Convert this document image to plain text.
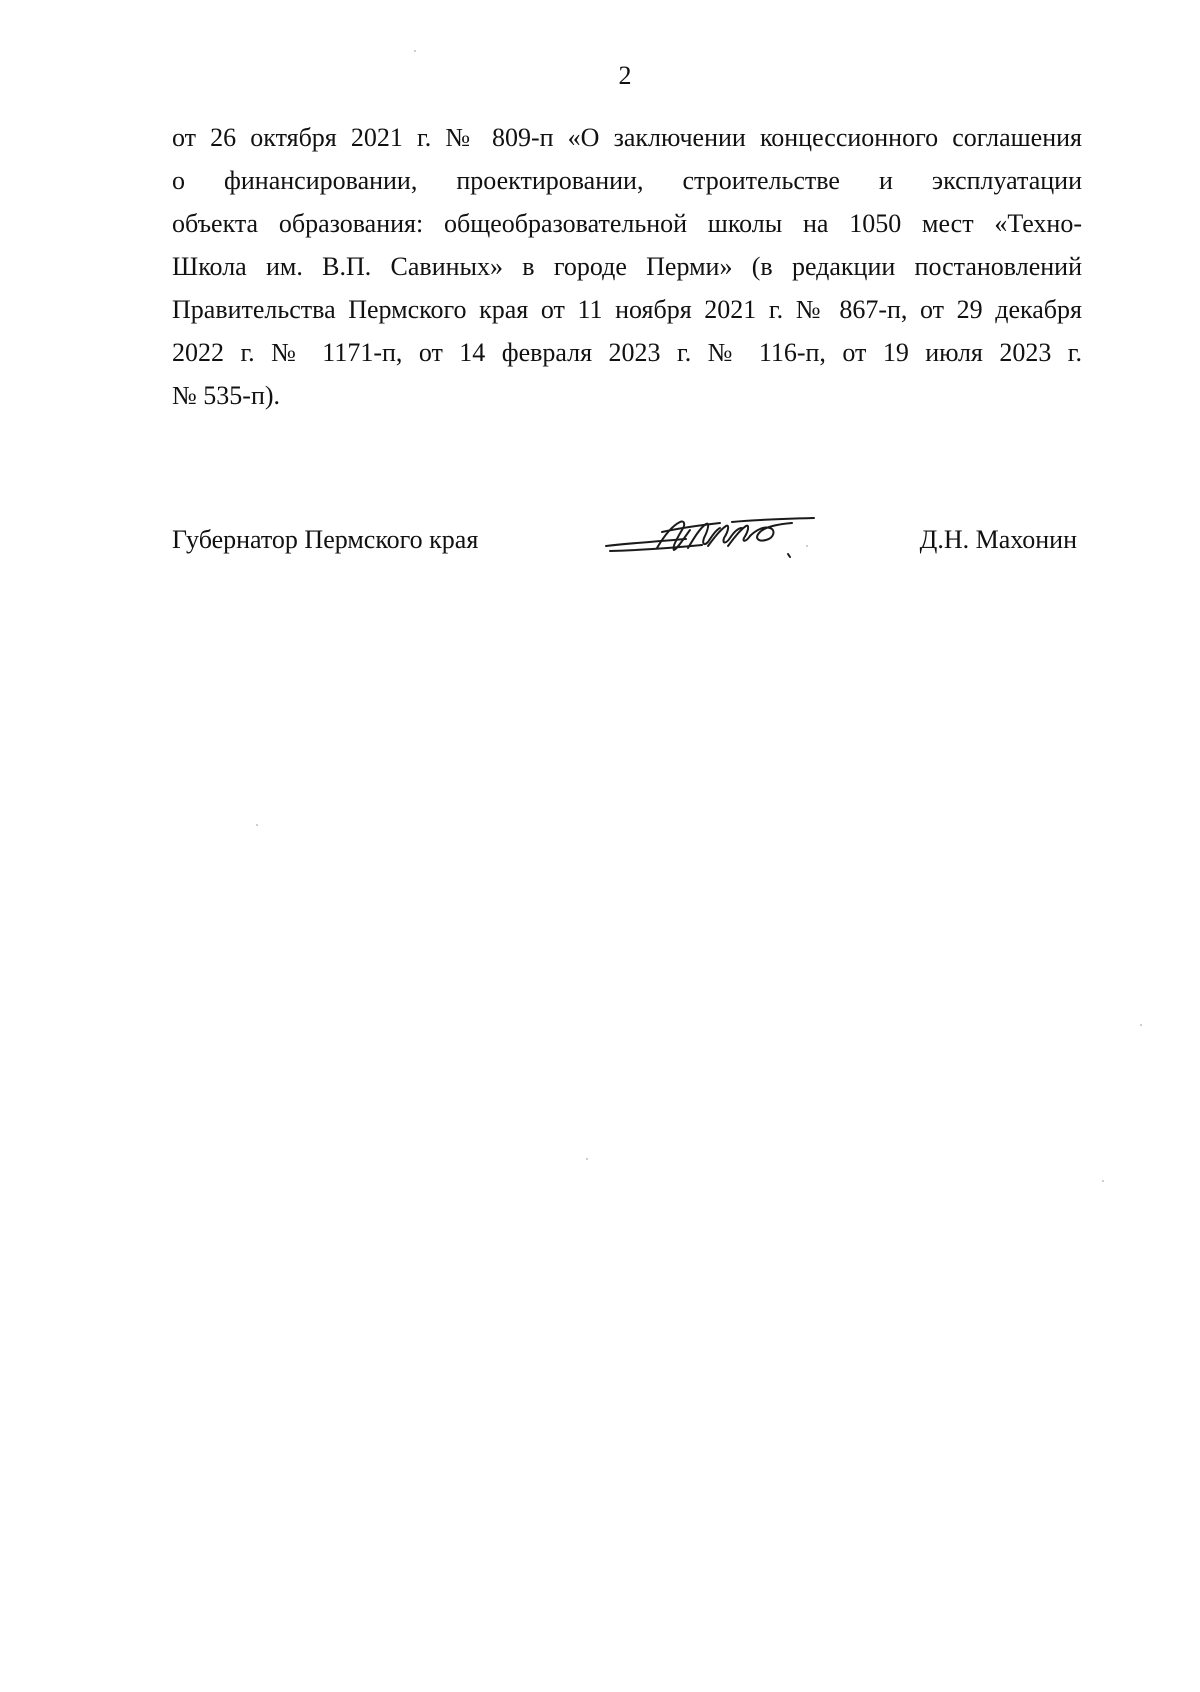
2
от 26 октября 2021 г. № 809-п «О заключении концессионного соглашения
о финансировании, проектировании, строительстве и эксплуатации
объекта образования: общеобразовательной школы на 1050 мест «Техно-
Школа им. В.П. Савиных» в городе Перми» (в редакции постановлений
Правительства Пермского края от 11 ноября 2021 г. № 867-п, от 29 декабря
2022 г. № 1171-п, от 14 февраля 2023 г. № 116-п, от 19 июля 2023 г.
№ 535-п).
Губернатор Пермского края	Д.Н. Махонин
